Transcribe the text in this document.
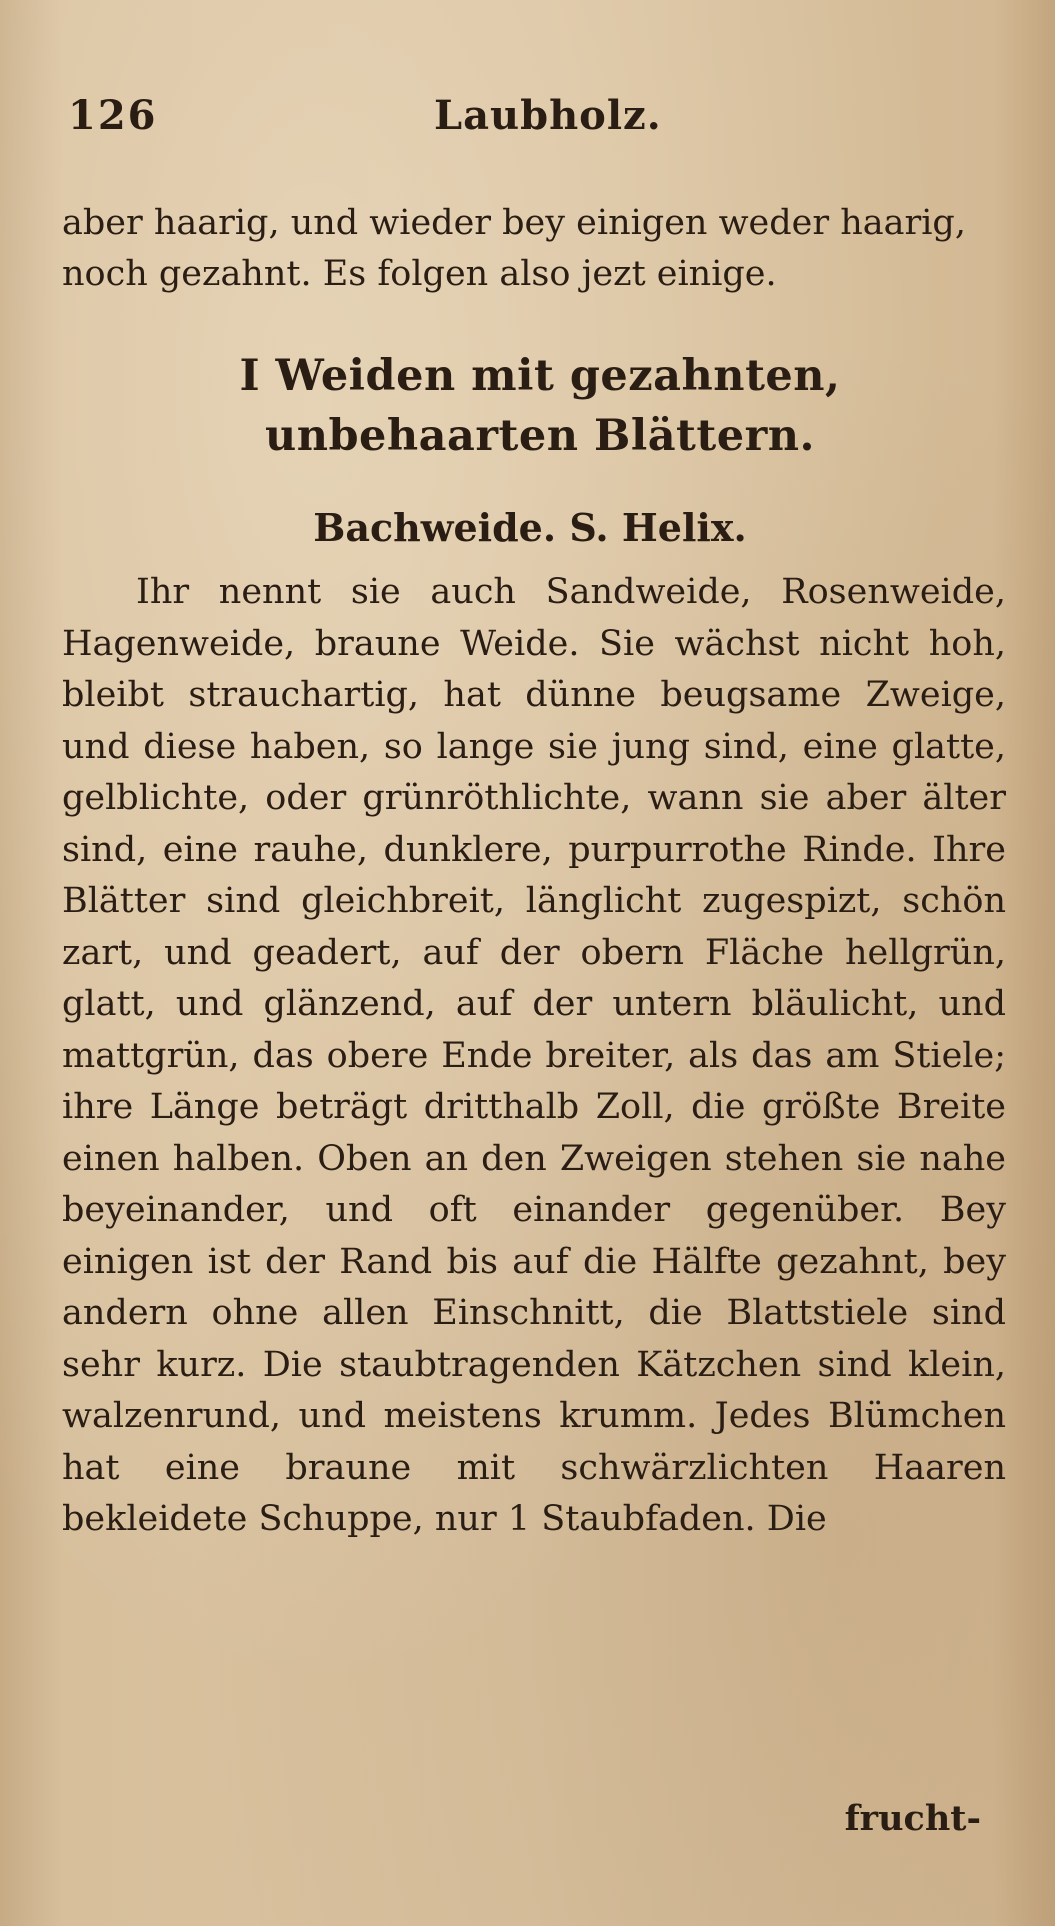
126	Laubholz.

aber haarig, und wieder bey einigen weder haarig, noch gezahnt. Es folgen also jezt einige.

I Weiden mit gezahnten, unbehaarten Blättern.
Bachweide. S. Helix.

Ihr nennt sie auch Sandweide, Rosenweide, Hagenweide, braune Weide. Sie wächst nicht hoh, bleibt strauchartig, hat dünne beugsame Zweige, und diese haben, so lange sie jung sind, eine glatte, gelblichte, oder grünröthlichte, wann sie aber älter sind, eine rauhe, dunklere, purpurrothe Rinde. Ihre Blätter sind gleichbreit, länglicht zugespizt, schön zart, und geadert, auf der obern Fläche hellgrün, glatt, und glänzend, auf der untern bläulicht, und mattgrün, das obere Ende breiter, als das am Stiele; ihre Länge beträgt dritthalb Zoll, die größte Breite einen halben. Oben an den Zweigen stehen sie nahe beyeinander, und oft einander gegenüber. Bey einigen ist der Rand bis auf die Hälfte gezahnt, bey andern ohne allen Einschnitt, die Blattstiele sind sehr kurz. Die staubtragenden Kätzchen sind klein, walzenrund, und meistens krumm. Jedes Blümchen hat eine braune mit schwärzlichten Haaren bekleidete Schuppe, nur 1 Staubfaden. Die

frucht-
